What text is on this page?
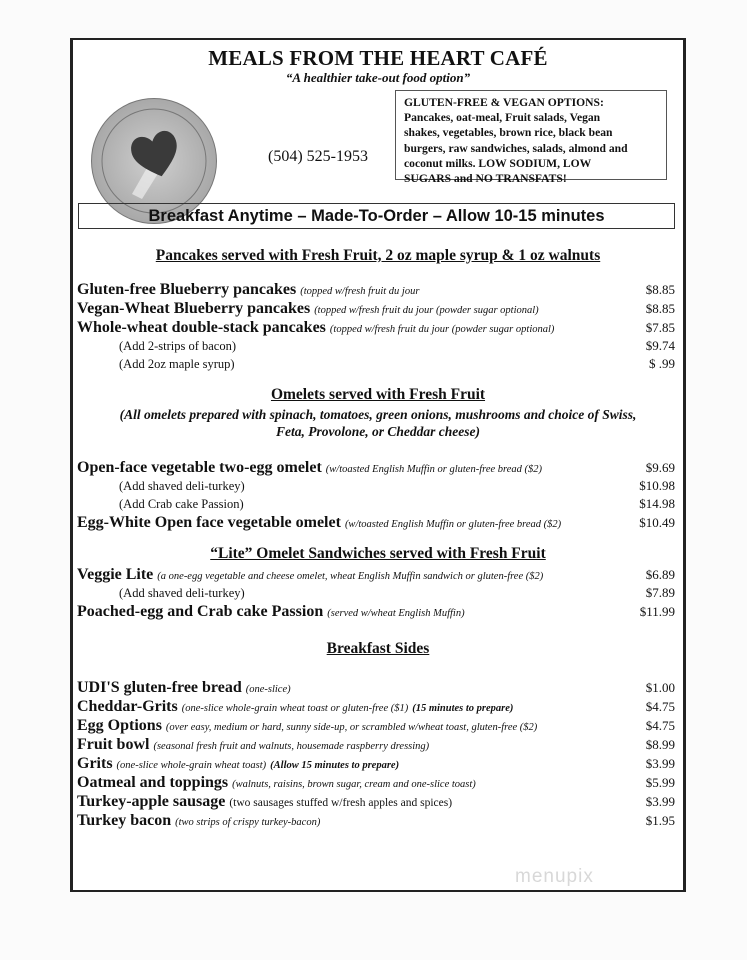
MEALS FROM THE HEART CAFÉ
“A healthier take-out food option”
(504) 525-1953
GLUTEN-FREE & VEGAN OPTIONS:
Pancakes, oat-meal, Fruit salads, Vegan
shakes, vegetables, brown rice, black bean
burgers, raw sandwiches, salads, almond and
coconut milks. LOW SODIUM, LOW
SUGARS and NO TRANSFATS!
Breakfast Anytime – Made-To-Order – Allow 10-15 minutes
Pancakes served with Fresh Fruit, 2 oz maple syrup & 1 oz walnuts
Gluten-free Blueberry pancakes (topped w/fresh fruit du jour	$8.85
Vegan-Wheat Blueberry pancakes (topped w/fresh fruit du jour (powder sugar optional)	$8.85
Whole-wheat double-stack pancakes (topped w/fresh fruit du jour (powder sugar optional)	$7.85
(Add 2-strips of bacon)	$9.74
(Add 2oz maple syrup)	$ .99
Omelets served with Fresh Fruit
(All omelets prepared with spinach, tomatoes, green onions, mushrooms and choice of Swiss,
Feta, Provolone, or Cheddar cheese)
Open-face vegetable two-egg omelet (w/toasted English Muffin or gluten-free bread ($2)	$9.69
(Add shaved deli-turkey)	$10.98
(Add Crab cake Passion)	$14.98
Egg-White Open face vegetable omelet (w/toasted English Muffin or gluten-free bread ($2)	$10.49
“Lite” Omelet Sandwiches served with Fresh Fruit
Veggie Lite (a one-egg vegetable and cheese omelet, wheat English Muffin sandwich or gluten-free ($2)	$6.89
(Add shaved deli-turkey)	$7.89
Poached-egg and Crab cake Passion (served w/wheat English Muffin)	$11.99
Breakfast Sides
UDI'S gluten-free bread (one-slice)	$1.00
Cheddar-Grits (one-slice whole-grain wheat toast or gluten-free ($1) (15 minutes to prepare)	$4.75
Egg Options (over easy, medium or hard, sunny side-up, or scrambled w/wheat toast, gluten-free ($2)	$4.75
Fruit bowl (seasonal fresh fruit and walnuts, housemade raspberry dressing)	$8.99
Grits (one-slice whole-grain wheat toast) (Allow 15 minutes to prepare)	$3.99
Oatmeal and toppings (walnuts, raisins, brown sugar, cream and one-slice toast)	$5.99
Turkey-apple sausage (two sausages stuffed w/fresh apples and spices)	$3.99
Turkey bacon (two strips of crispy turkey-bacon)	$1.95
menupix
